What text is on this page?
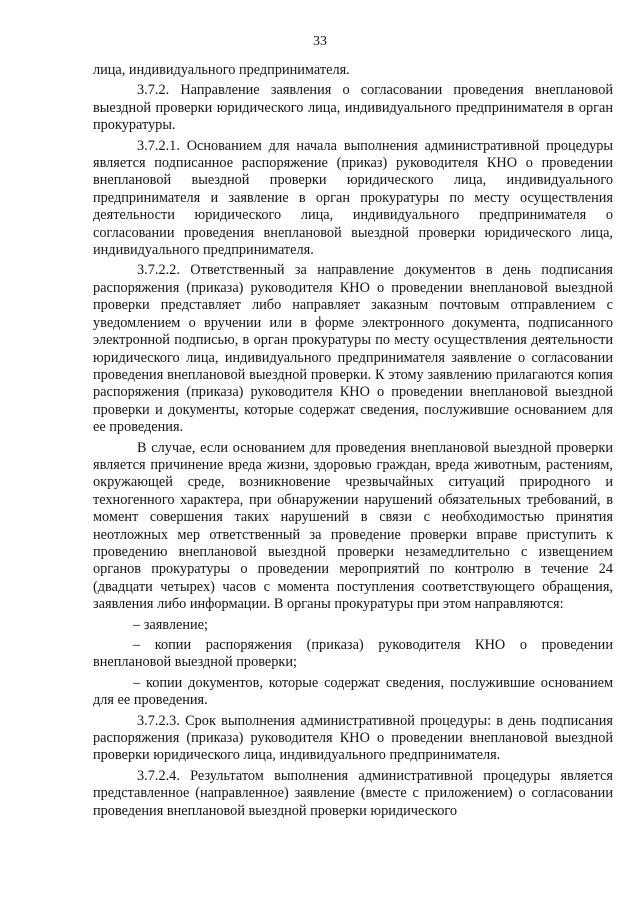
33

лица, индивидуального предпринимателя.

3.7.2. Направление заявления о согласовании проведения внеплановой выездной проверки юридического лица, индивидуального предпринимателя в орган прокуратуры.

3.7.2.1. Основанием для начала выполнения административной процедуры является подписанное распоряжение (приказ) руководителя КНО о проведении внеплановой выездной проверки юридического лица, индивидуального предпринимателя и заявление в орган прокуратуры по месту осуществления деятельности юридического лица, индивидуального предпринимателя о согласовании проведения внеплановой выездной проверки юридического лица, индивидуального предпринимателя.

3.7.2.2. Ответственный за направление документов в день подписания распоряжения (приказа) руководителя КНО о проведении внеплановой выездной проверки представляет либо направляет заказным почтовым отправлением с уведомлением о вручении или в форме электронного документа, подписанного электронной подписью, в орган прокуратуры по месту осуществления деятельности юридического лица, индивидуального предпринимателя заявление о согласовании проведения внеплановой выездной проверки. К этому заявлению прилагаются копия распоряжения (приказа) руководителя КНО о проведении внеплановой выездной проверки и документы, которые содержат сведения, послужившие основанием для ее проведения.

В случае, если основанием для проведения внеплановой выездной проверки является причинение вреда жизни, здоровью граждан, вреда животным, растениям, окружающей среде, возникновение чрезвычайных ситуаций природного и техногенного характера, при обнаружении нарушений обязательных требований, в момент совершения таких нарушений в связи с необходимостью принятия неотложных мер ответственный за проведение проверки вправе приступить к проведению внеплановой выездной проверки незамедлительно с извещением органов прокуратуры о проведении мероприятий по контролю в течение 24 (двадцати четырех) часов с момента поступления соответствующего обращения, заявления либо информации. В органы прокуратуры при этом направляются:

– заявление;

– копии распоряжения (приказа) руководителя КНО о проведении внеплановой выездной проверки;

– копии документов, которые содержат сведения, послужившие основанием для ее проведения.

3.7.2.3. Срок выполнения административной процедуры: в день подписания распоряжения (приказа) руководителя КНО о проведении внеплановой выездной проверки юридического лица, индивидуального предпринимателя.

3.7.2.4. Результатом выполнения административной процедуры является представленное (направленное) заявление (вместе с приложением) о согласовании проведения внеплановой выездной проверки юридического
